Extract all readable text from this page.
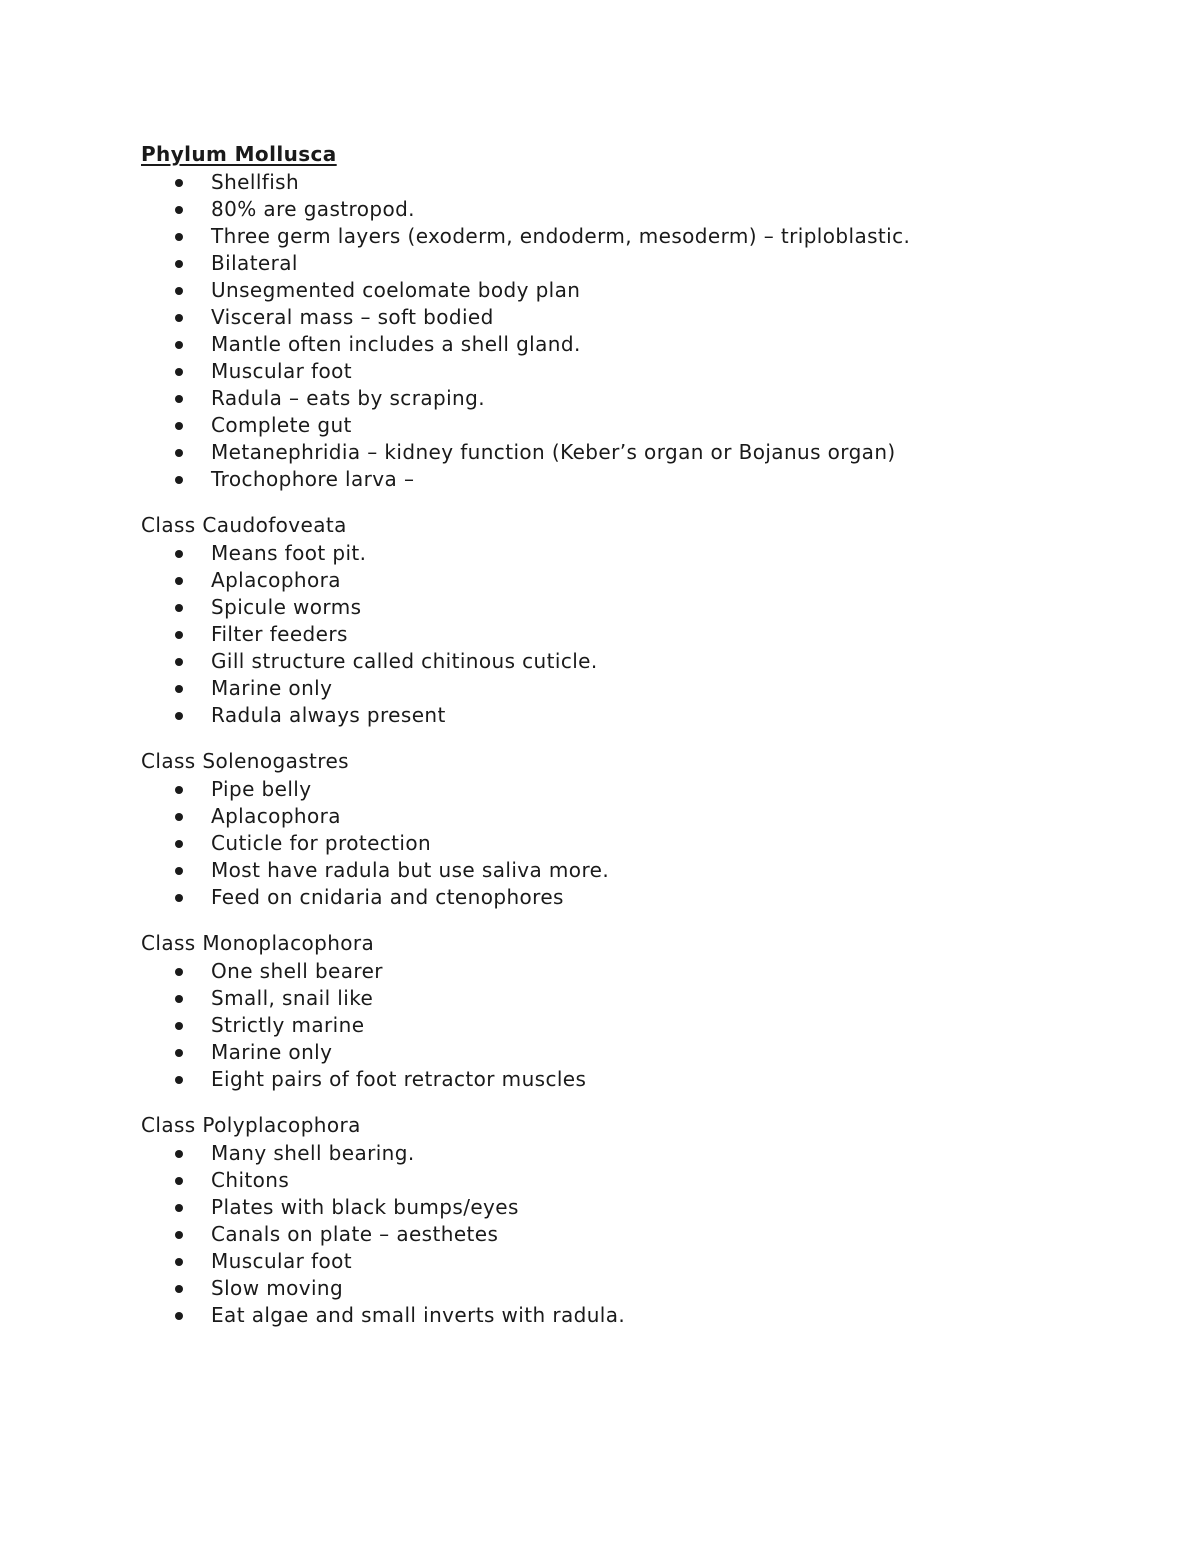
Phylum Mollusca
Shellfish
80% are gastropod.
Three germ layers (exoderm, endoderm, mesoderm) – triploblastic.
Bilateral
Unsegmented coelomate body plan
Visceral mass – soft bodied
Mantle often includes a shell gland.
Muscular foot
Radula – eats by scraping.
Complete gut
Metanephridia – kidney function (Keber’s organ or Bojanus organ)
Trochophore larva –
Class Caudofoveata
Means foot pit.
Aplacophora
Spicule worms
Filter feeders
Gill structure called chitinous cuticle.
Marine only
Radula always present
Class Solenogastres
Pipe belly
Aplacophora
Cuticle for protection
Most have radula but use saliva more.
Feed on cnidaria and ctenophores
Class Monoplacophora
One shell bearer
Small, snail like
Strictly marine
Marine only
Eight pairs of foot retractor muscles
Class Polyplacophora
Many shell bearing.
Chitons
Plates with black bumps/eyes
Canals on plate – aesthetes
Muscular foot
Slow moving
Eat algae and small inverts with radula.
